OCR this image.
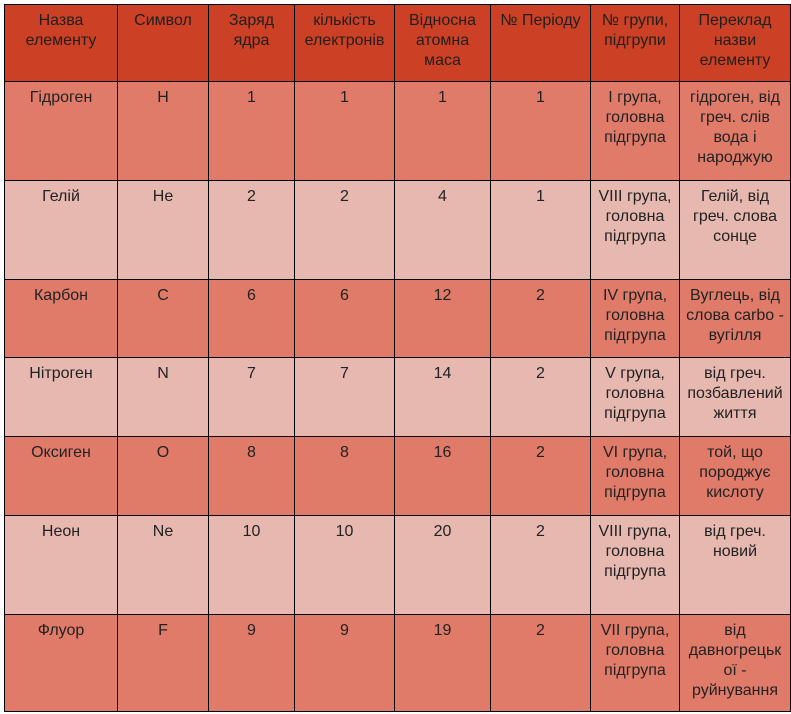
Назва елементу	Символ	Заряд ядра	кількість електронів	Відносна атомна маса	№ Періоду	№ групи, підгрупи	Переклад назви елементу
Гідроген	H	1	1	1	1	I група, головна підгрупа	гідроген, від греч. слів вода і народжую
Гелій	He	2	2	4	1	VIII група, головна підгрупа	Гелій, від греч. слова сонце
Карбон	C	6	6	12	2	IV група, головна підгрупа	Вуглець, від слова carbo - вугілля
Нітроген	N	7	7	14	2	V група, головна підгрупа	від греч. позбавлений життя
Оксиген	O	8	8	16	2	VI група, головна підгрупа	той, що породжує кислоту
Неон	Ne	10	10	20	2	VIII група, головна підгрупа	від греч. новий
Флуор	F	9	9	19	2	VII група, головна підгрупа	від давногрецької - руйнування
